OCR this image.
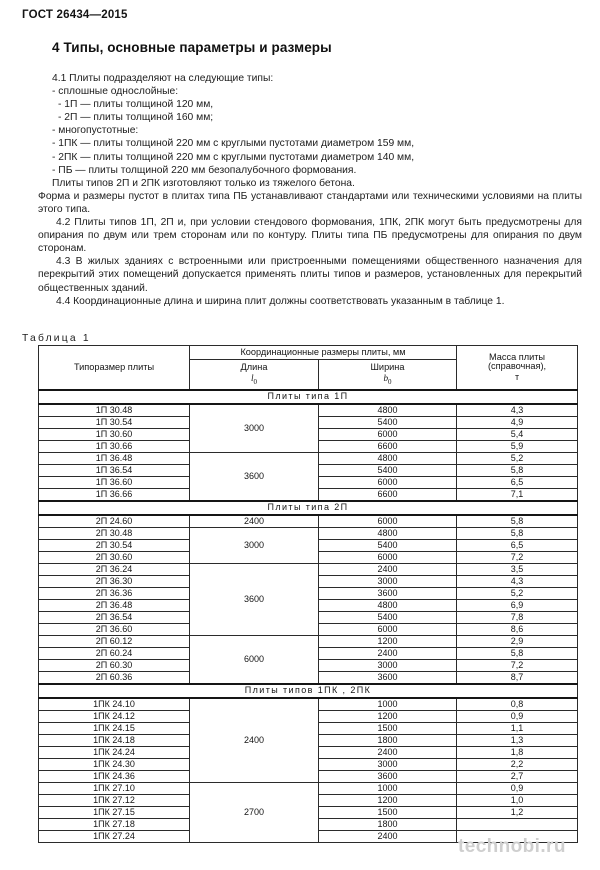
ГОСТ 26434—2015
4 Типы, основные параметры и размеры

4.1 Плиты подразделяют на следующие типы:

- сплошные однослойные:

- 1П — плиты толщиной 120 мм,

- 2П — плиты толщиной 160 мм;

- многопустотные:

- 1ПК — плиты толщиной 220 мм с круглыми пустотами диаметром 159 мм,

- 2ПК — плиты толщиной 220 мм с круглыми пустотами диаметром 140 мм,

- ПБ — плиты толщиной 220 мм безопалубочного формования.

Плиты типов 2П и 2ПК изготовляют только из тяжелого бетона.

Форма и размеры пустот в плитах типа ПБ устанавливают стандартами или техническими условиями на плиты этого типа.

4.2 Плиты типов 1П, 2П и, при условии стендового формования, 1ПК, 2ПК могут быть предусмотрены для опирания по двум или трем сторонам или по контуру. Плиты типа ПБ предусмотрены для опирания по двум сторонам.

4.3 В жилых зданиях с встроенными или пристроенными помещениями общественного назначения для перекрытий этих помещений допускается применять плиты типов и размеров, установленных для перекрытий общественных зданий.

4.4 Координационные длина и ширина плит должны соответствовать указанным в таблице 1.

Таблица 1
Типоразмер плиты	Координационные размеры плиты, мм		Масса плиты
(справочная),
т

	Длина
$l_0$	Ширина
$b_0$

Плиты типа 1П			
1П 30.48	3000	4800	4,3
1П 30.54		5400	4,9
1П 30.60		6000	5,4
1П 30.66		6600	5,9
1П 36.48	3600	4800	5,2
1П 36.54		5400	5,8
1П 36.60		6000	6,5
1П 36.66		6600	7,1
Плиты типа 2П			
2П 24.60	2400	6000	5,8
2П 30.48	3000	4800	5,8
2П 30.54		5400	6,5
2П 30.60		6000	7,2
2П 36.24	3600	2400	3,5
2П 36.30		3000	4,3
2П 36.36		3600	5,2
2П 36.48		4800	6,9
2П 36.54		5400	7,8
2П 36.60		6000	8,6
2П 60.12	6000	1200	2,9
2П 60.24		2400	5,8
2П 60.30		3000	7,2
2П 60.36		3600	8,7
Плиты типов 1ПК , 2ПК			
1ПК 24.10	2400	1000	0,8
1ПК 24.12		1200	0,9
1ПК 24.15		1500	1,1
1ПК 24.18		1800	1,3
1ПК 24.24		2400	1,8
1ПК 24.30		3000	2,2
1ПК 24.36		3600	2,7
1ПК 27.10	2700	1000	0,9
1ПК 27.12		1200	1,0
1ПК 27.15		1500	1,2
1ПК 27.18		1800	
1ПК 27.24		2400	
technobi.ru
